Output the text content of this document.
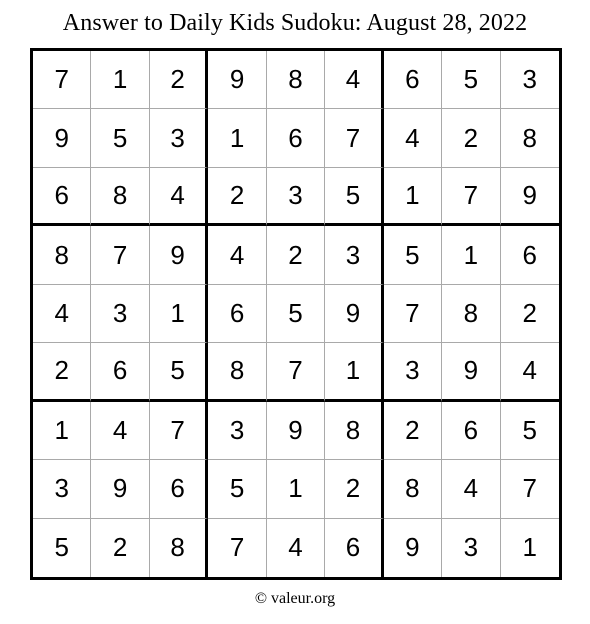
Answer to Daily Kids Sudoku: August 28, 2022
7	1	2	9	8	4	6	5	3
9	5	3	1	6	7	4	2	8
6	8	4	2	3	5	1	7	9
8	7	9	4	2	3	5	1	6
4	3	1	6	5	9	7	8	2
2	6	5	8	7	1	3	9	4
1	4	7	3	9	8	2	6	5
3	9	6	5	1	2	8	4	7
5	2	8	7	4	6	9	3	1
© valeur.org
